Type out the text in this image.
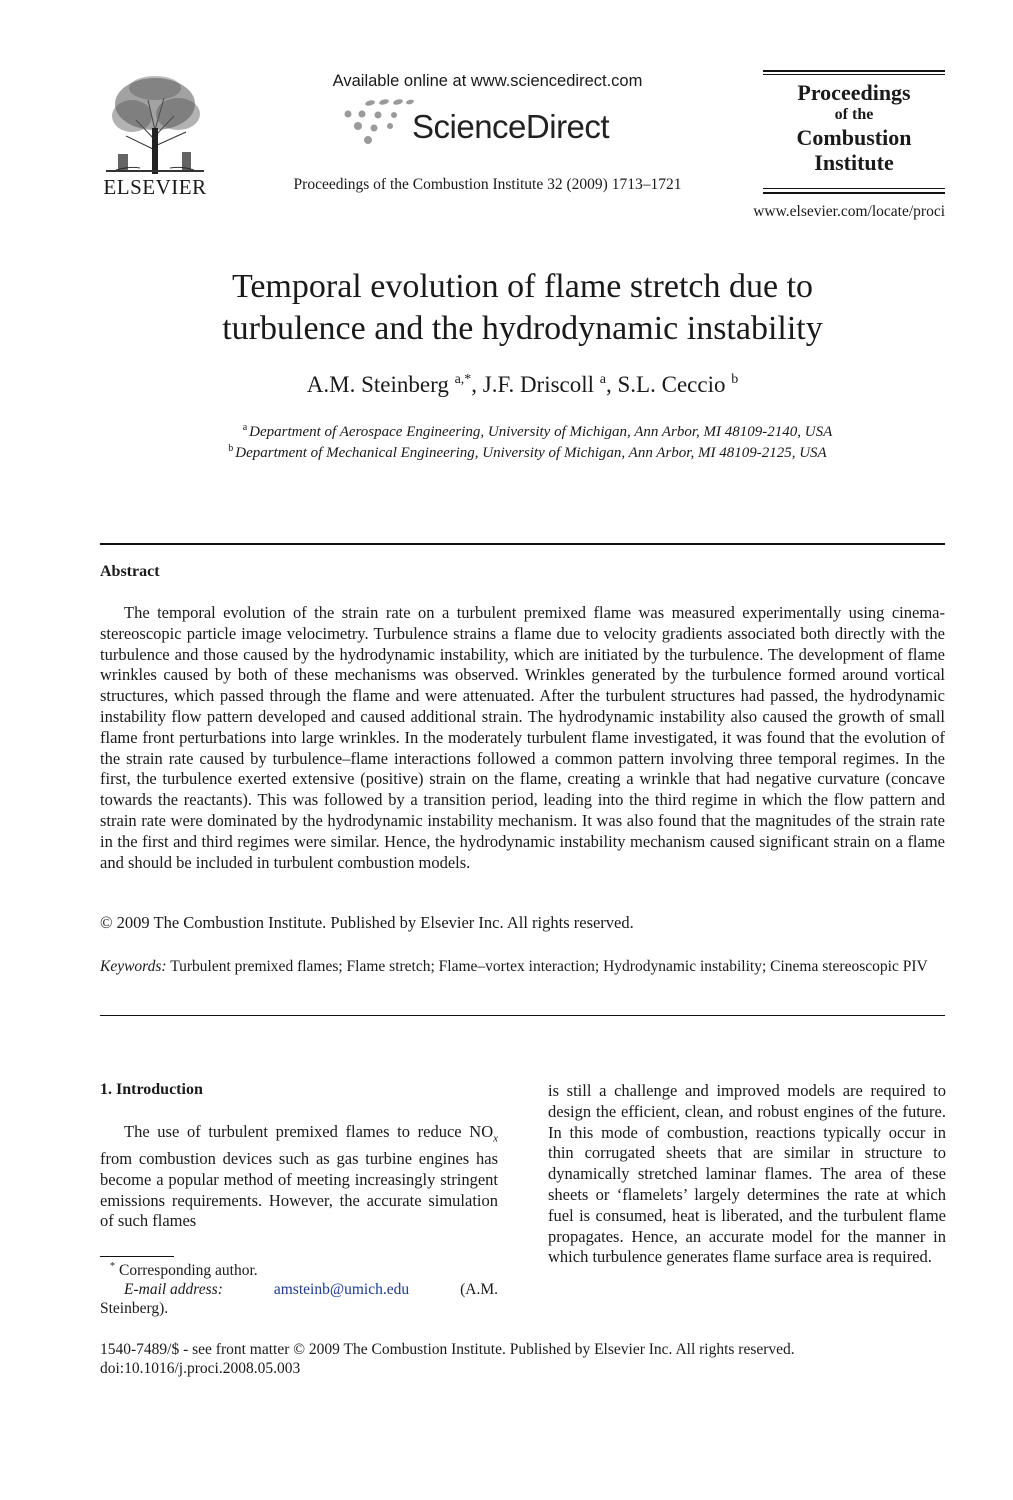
ELSEVIER
Available online at www.sciencedirect.com
ScienceDirect
Proceedings of the Combustion Institute 32 (2009) 1713–1721
Proceedings
of the
Combustion
Institute
www.elsevier.com/locate/proci
Temporal evolution of flame stretch due to
turbulence and the hydrodynamic instability
A.M. Steinberg $^{a,*}$, J.F. Driscoll $^a$, S.L. Ceccio $^b$
$^a$ Department of Aerospace Engineering, University of Michigan, Ann Arbor, MI 48109-2140, USA
$^b$ Department of Mechanical Engineering, University of Michigan, Ann Arbor, MI 48109-2125, USA
Abstract

The temporal evolution of the strain rate on a turbulent premixed flame was measured experimentally using cinema-stereoscopic particle image velocimetry. Turbulence strains a flame due to velocity gradients associated both directly with the turbulence and those caused by the hydrodynamic instability, which are initiated by the turbulence. The development of flame wrinkles caused by both of these mechanisms was observed. Wrinkles generated by the turbulence formed around vortical structures, which passed through the flame and were attenuated. After the turbulent structures had passed, the hydrodynamic instability flow pattern developed and caused additional strain. The hydrodynamic instability also caused the growth of small flame front perturbations into large wrinkles. In the moderately turbulent flame investigated, it was found that the evolution of the strain rate caused by turbulence–flame interactions followed a common pattern involving three temporal regimes. In the first, the turbulence exerted extensive (positive) strain on the flame, creating a wrinkle that had negative curvature (concave towards the reactants). This was followed by a transition period, leading into the third regime in which the flow pattern and strain rate were dominated by the hydrodynamic instability mechanism. It was also found that the magnitudes of the strain rate in the first and third regimes were similar. Hence, the hydrodynamic instability mechanism caused significant strain on a flame and should be included in turbulent combustion models.

© 2009 The Combustion Institute. Published by Elsevier Inc. All rights reserved.

Keywords: Turbulent premixed flames; Flame stretch; Flame–vortex interaction; Hydrodynamic instability; Cinema stereoscopic PIV

1. Introduction

The use of turbulent premixed flames to reduce $NO_x$ from combustion devices such as gas turbine engines has become a popular method of meeting increasingly stringent emissions requirements. However, the accurate simulation of such flames

is still a challenge and improved models are required to design the efficient, clean, and robust engines of the future. In this mode of combustion, reactions typically occur in thin corrugated sheets that are similar in structure to dynamically stretched laminar flames. The area of these sheets or ‘flamelets’ largely determines the rate at which fuel is consumed, heat is liberated, and the turbulent flame propagates. Hence, an accurate model for the manner in which turbulence generates flame surface area is required.

* Corresponding author.
E-mail address:	amsteinb@umich.edu	(A.M.
Steinberg).
1540-7489/$ - see front matter © 2009 The Combustion Institute. Published by Elsevier Inc. All rights reserved.
doi:10.1016/j.proci.2008.05.003
